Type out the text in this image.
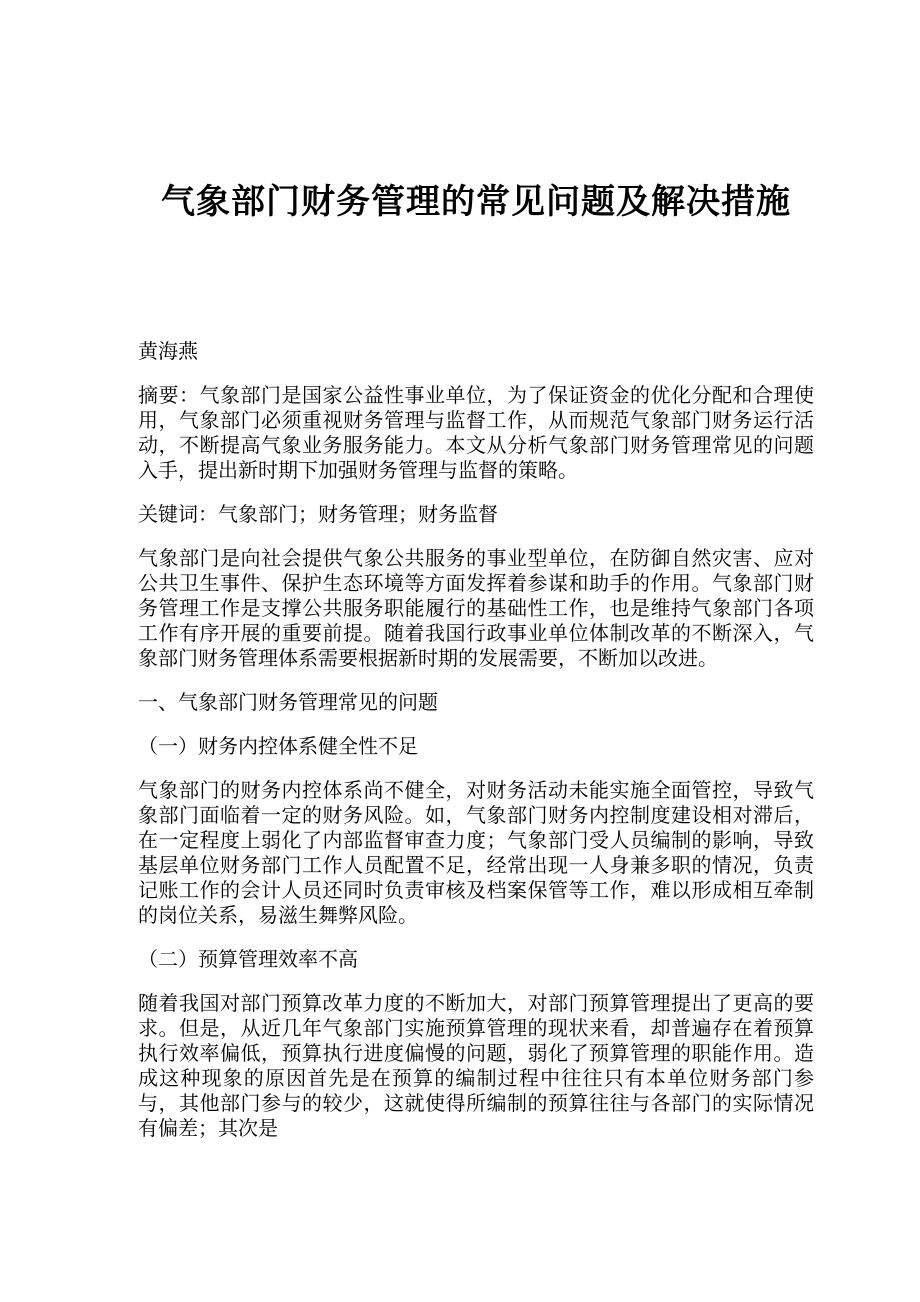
气象部门财务管理的常见问题及解决措施

黄海燕

摘要：气象部门是国家公益性事业单位，为了保证资金的优化分配和合理使用，气象部门必须重视财务管理与监督工作，从而规范气象部门财务运行活动，不断提高气象业务服务能力。本文从分析气象部门财务管理常见的问题入手，提出新时期下加强财务管理与监督的策略。

关键词：气象部门；财务管理；财务监督

气象部门是向社会提供气象公共服务的事业型单位，在防御自然灾害、应对公共卫生事件、保护生态环境等方面发挥着参谋和助手的作用。气象部门财务管理工作是支撑公共服务职能履行的基础性工作，也是维持气象部门各项工作有序开展的重要前提。随着我国行政事业单位体制改革的不断深入，气象部门财务管理体系需要根据新时期的发展需要，不断加以改进。

一、气象部门财务管理常见的问题

（一）财务内控体系健全性不足

气象部门的财务内控体系尚不健全，对财务活动未能实施全面管控，导致气象部门面临着一定的财务风险。如，气象部门财务内控制度建设相对滞后，在一定程度上弱化了内部监督审查力度；气象部门受人员编制的影响，导致基层单位财务部门工作人员配置不足，经常出现一人身兼多职的情况，负责记账工作的会计人员还同时负责审核及档案保管等工作，难以形成相互牵制的岗位关系，易滋生舞弊风险。

（二）预算管理效率不高

随着我国对部门预算改革力度的不断加大，对部门预算管理提出了更高的要求。但是，从近几年气象部门实施预算管理的现状来看，却普遍存在着预算执行效率偏低，预算执行进度偏慢的问题，弱化了预算管理的职能作用。造成这种现象的原因首先是在预算的编制过程中往往只有本单位财务部门参与，其他部门参与的较少，这就使得所编制的预算往往与各部门的实际情况有偏差；其次是
